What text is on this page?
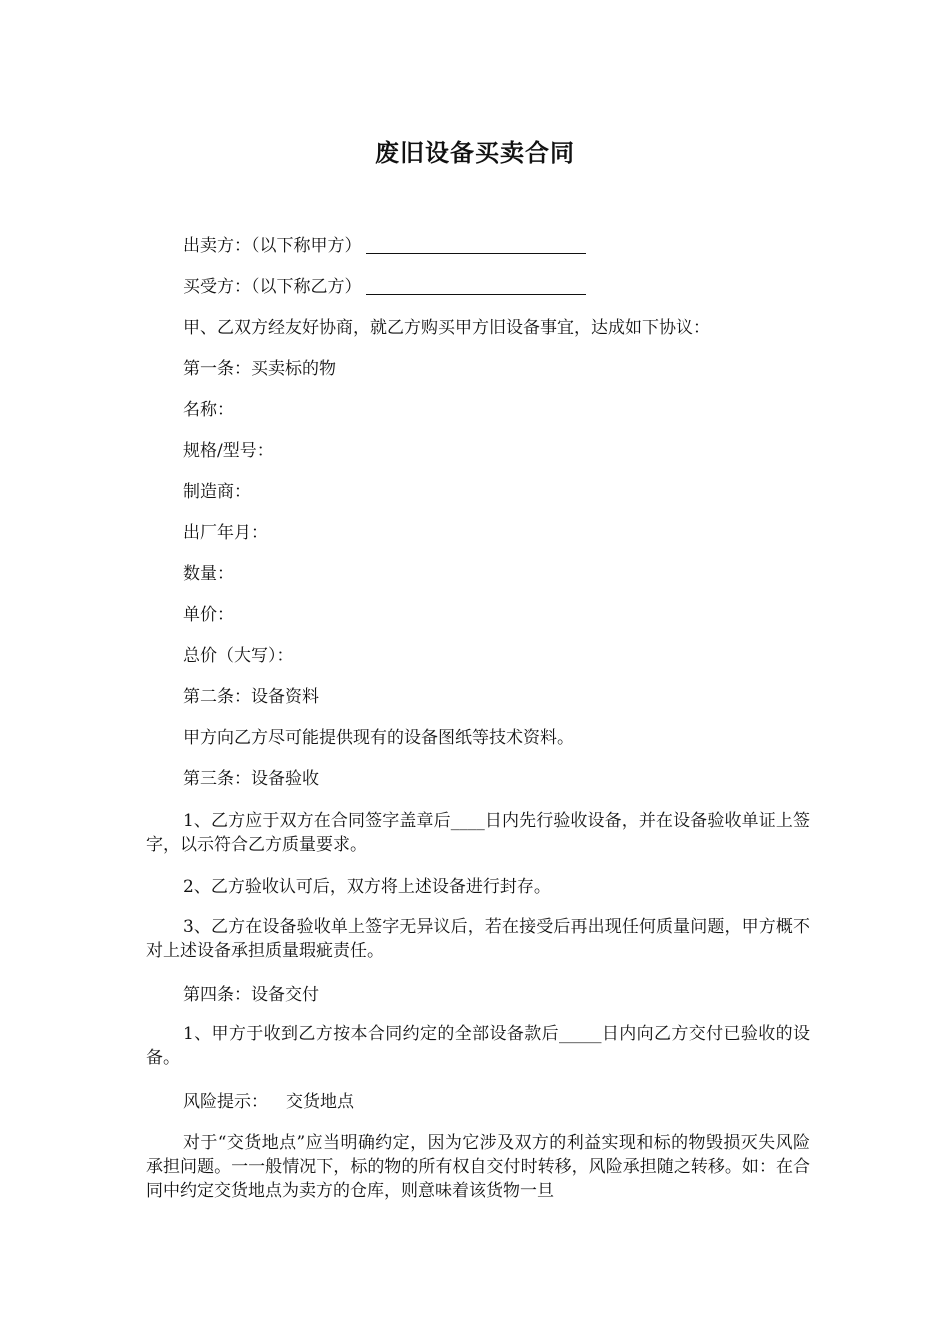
废旧设备买卖合同
出卖方：（以下称甲方）
买受方：（以下称乙方）
甲、乙双方经友好协商，就乙方购买甲方旧设备事宜，达成如下协议：
第一条：买卖标的物
名称：
规格/型号：
制造商：
出厂年月：
数量：
单价：
总价（大写）：
第二条：设备资料
甲方向乙方尽可能提供现有的设备图纸等技术资料。
第三条：设备验收
1、乙方应于双方在合同签字盖章后____日内先行验收设备，并在设备验收单证上签字，以示符合乙方质量要求。
2、乙方验收认可后，双方将上述设备进行封存。
3、乙方在设备验收单上签字无异议后，若在接受后再出现任何质量问题，甲方概不对上述设备承担质量瑕疵责任。
第四条：设备交付
1、甲方于收到乙方按本合同约定的全部设备款后_____日内向乙方交付已验收的设备。
风险提示： 交货地点
对于“交货地点”应当明确约定，因为它涉及双方的利益实现和标的物毁损灭失风险承担问题。一一般情况下，标的物的所有权自交付时转移，风险承担随之转移。如：在合同中约定交货地点为卖方的仓库，则意味着该货物一旦
